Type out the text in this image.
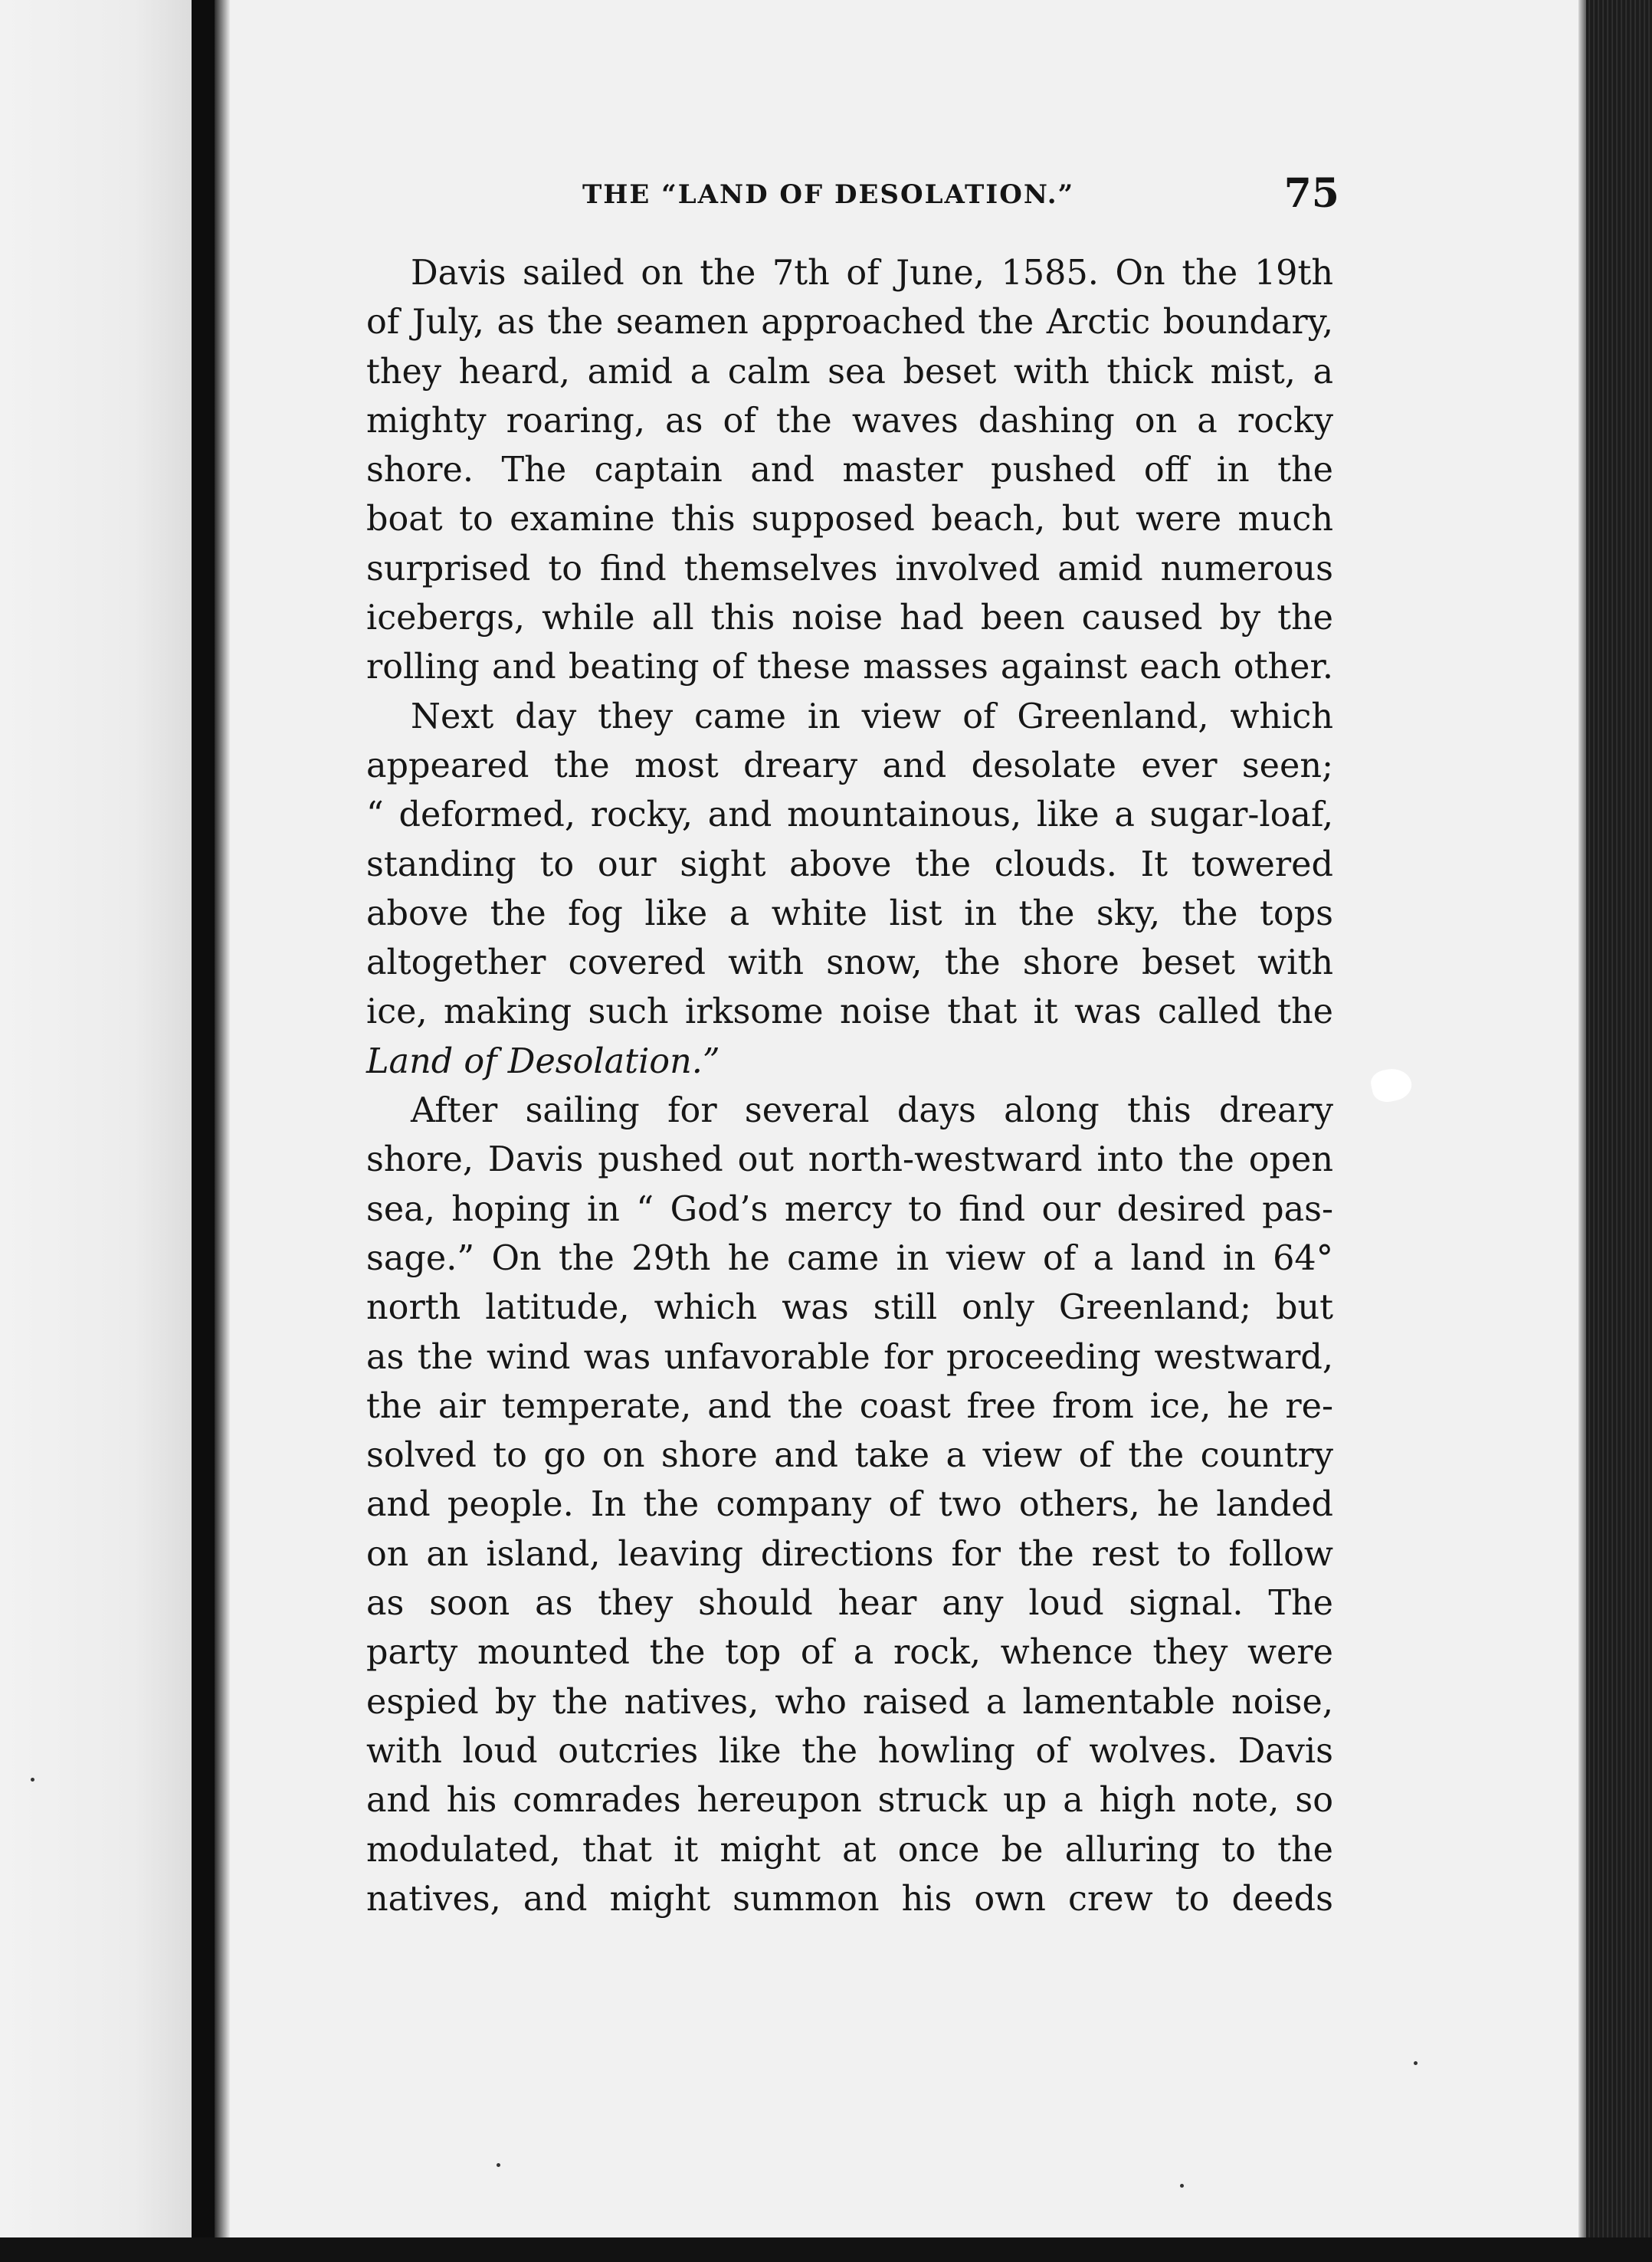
THE “LAND OF DESOLATION.”	75
Davis sailed on the 7th of June, 1585. On the 19th
of July, as the seamen approached the Arctic boundary,
they heard, amid a calm sea beset with thick mist, a
mighty roaring, as of the waves dashing on a rocky
shore. The captain and master pushed off in the
boat to examine this supposed beach, but were much
surprised to find themselves involved amid numerous
icebergs, while all this noise had been caused by the
rolling and beating of these masses against each other.
Next day they came in view of Greenland, which
appeared the most dreary and desolate ever seen;
“ deformed, rocky, and mountainous, like a sugar-loaf,
standing to our sight above the clouds. It towered
above the fog like a white list in the sky, the tops
altogether covered with snow, the shore beset with
ice, making such irksome noise that it was called the
Land of Desolation.”
After sailing for several days along this dreary
shore, Davis pushed out north-westward into the open
sea, hoping in “ God’s mercy to find our desired pas-
sage.” On the 29th he came in view of a land in 64°
north latitude, which was still only Greenland; but
as the wind was unfavorable for proceeding westward,
the air temperate, and the coast free from ice, he re-
solved to go on shore and take a view of the country
and people. In the company of two others, he landed
on an island, leaving directions for the rest to follow
as soon as they should hear any loud signal. The
party mounted the top of a rock, whence they were
espied by the natives, who raised a lamentable noise,
with loud outcries like the howling of wolves. Davis
and his comrades hereupon struck up a high note, so
modulated, that it might at once be alluring to the
natives, and might summon his own crew to deeds
